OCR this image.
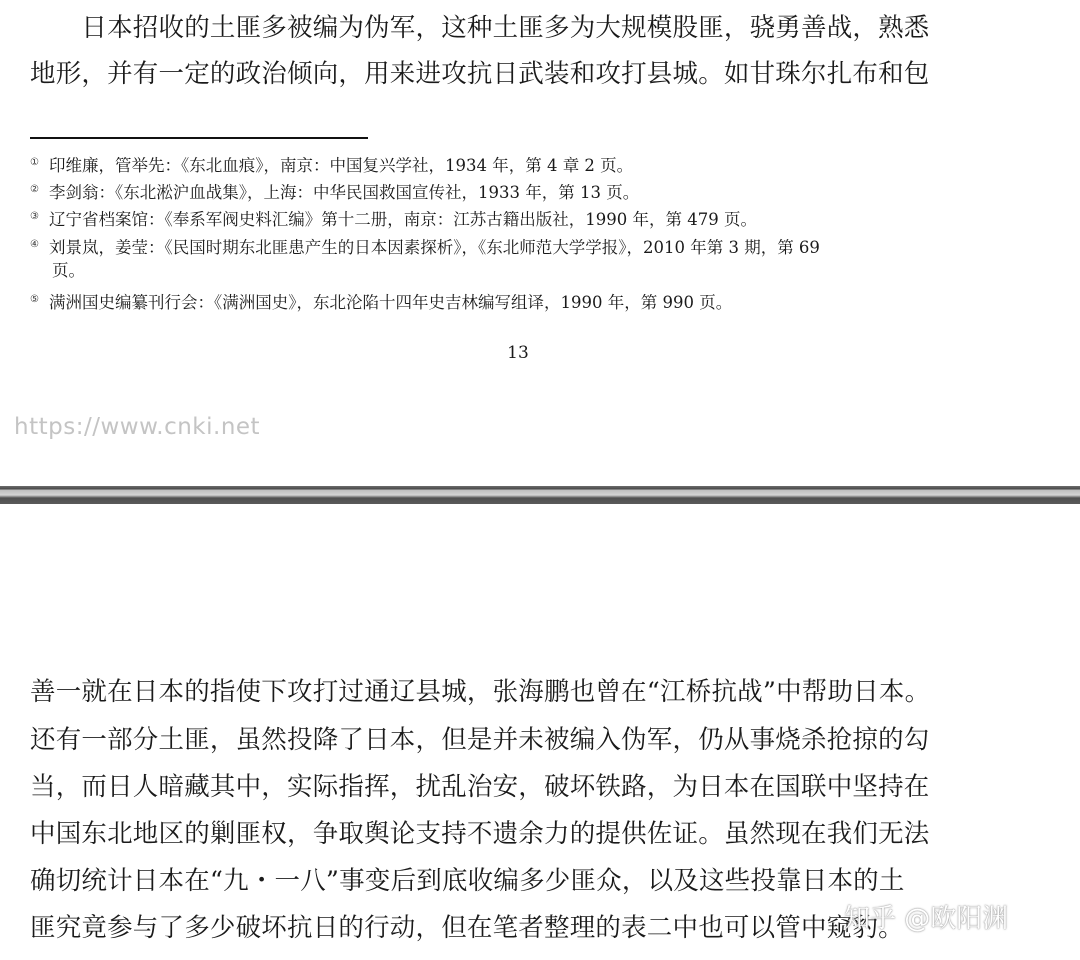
　　日本招收的土匪多被编为伪军，这种土匪多为大规模股匪，骁勇善战，熟悉
地形，并有一定的政治倾向，用来进攻抗日武装和攻打县城。如甘珠尔扎布和包
① 印维廉，管举先：《东北血痕》，南京：中国复兴学社，1934 年，第 4 章 2 页。
② 李剑翁：《东北淞沪血战集》，上海：中华民国救国宣传社，1933 年，第 13 页。
③ 辽宁省档案馆：《奉系军阀史料汇编》第十二册，南京：江苏古籍出版社，1990 年，第 479 页。
④ 刘景岚，姜莹：《民国时期东北匪患产生的日本因素探析》，《东北师范大学学报》，2010 年第 3 期，第 69
页。
⑤ 满洲国史编纂刊行会：《满洲国史》，东北沦陷十四年史吉林编写组译，1990 年，第 990 页。
13
https://www.cnki.net
善一就在日本的指使下攻打过通辽县城，张海鹏也曾在“江桥抗战”中帮助日本。
还有一部分土匪，虽然投降了日本，但是并未被编入伪军，仍从事烧杀抢掠的勾
当，而日人暗藏其中，实际指挥，扰乱治安，破坏铁路，为日本在国联中坚持在
中国东北地区的剿匪权，争取舆论支持不遗余力的提供佐证。虽然现在我们无法
确切统计日本在“九・一八”事变后到底收编多少匪众，以及这些投靠日本的土
匪究竟参与了多少破坏抗日的行动，但在笔者整理的表二中也可以管中窥豹。
知乎 @欧阳渊
